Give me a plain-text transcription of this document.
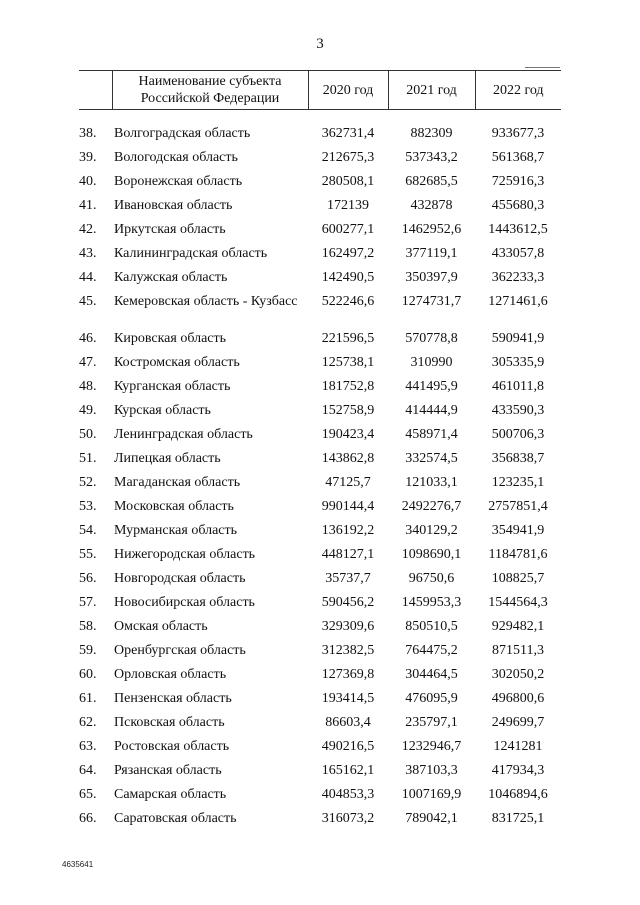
3
	Наименование субъекта Российской Федерации	2020 год	2021 год	2022 год
38.	Волгоградская область	362731,4	882309	933677,3
39.	Вологодская область	212675,3	537343,2	561368,7
40.	Воронежская область	280508,1	682685,5	725916,3
41.	Ивановская область	172139	432878	455680,3
42.	Иркутская область	600277,1	1462952,6	1443612,5
43.	Калининградская область	162497,2	377119,1	433057,8
44.	Калужская область	142490,5	350397,9	362233,3
45.	Кемеровская область - Кузбасс	522246,6	1274731,7	1271461,6
46.	Кировская область	221596,5	570778,8	590941,9
47.	Костромская область	125738,1	310990	305335,9
48.	Курганская область	181752,8	441495,9	461011,8
49.	Курская область	152758,9	414444,9	433590,3
50.	Ленинградская область	190423,4	458971,4	500706,3
51.	Липецкая область	143862,8	332574,5	356838,7
52.	Магаданская область	47125,7	121033,1	123235,1
53.	Московская область	990144,4	2492276,7	2757851,4
54.	Мурманская область	136192,2	340129,2	354941,9
55.	Нижегородская область	448127,1	1098690,1	1184781,6
56.	Новгородская область	35737,7	96750,6	108825,7
57.	Новосибирская область	590456,2	1459953,3	1544564,3
58.	Омская область	329309,6	850510,5	929482,1
59.	Оренбургская область	312382,5	764475,2	871511,3
60.	Орловская область	127369,8	304464,5	302050,2
61.	Пензенская область	193414,5	476095,9	496800,6
62.	Псковская область	86603,4	235797,1	249699,7
63.	Ростовская область	490216,5	1232946,7	1241281
64.	Рязанская область	165162,1	387103,3	417934,3
65.	Самарская область	404853,3	1007169,9	1046894,6
66.	Саратовская область	316073,2	789042,1	831725,1
4635641
